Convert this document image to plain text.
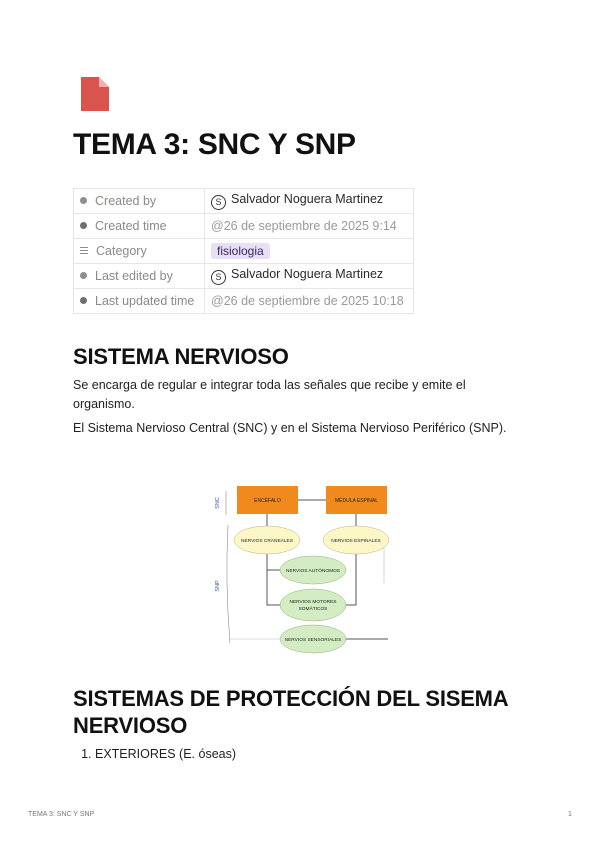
TEMA 3: SNC Y SNP
Created by	S Salvador Noguera Martinez
Created time	@26 de septiembre de 2025 9:14
Category	fisiologia
Last edited by	S Salvador Noguera Martinez
Last updated time	@26 de septiembre de 2025 10:18
SISTEMA NERVIOSO

Se encarga de regular e integrar toda las señales que recibe y emite el organismo.

El Sistema Nervioso Central (SNC) y en el Sistema Nervioso Periférico (SNP).

SNC
SNP
ENCÉFALO	MÉDULA ESPINAL
NERVIOS CRANEALES	NERVIOS ESPINALES
NERVIOS AUTÓNOMOS
NERVIOS MOTORES
SOMÁTICOS
NERVIOS SENSORIALES
SISTEMAS DE PROTECCIÓN DEL SISEMA NERVIOSO
1. EXTERIORES (E. óseas)
TEMA 3: SNC Y SNP	1
